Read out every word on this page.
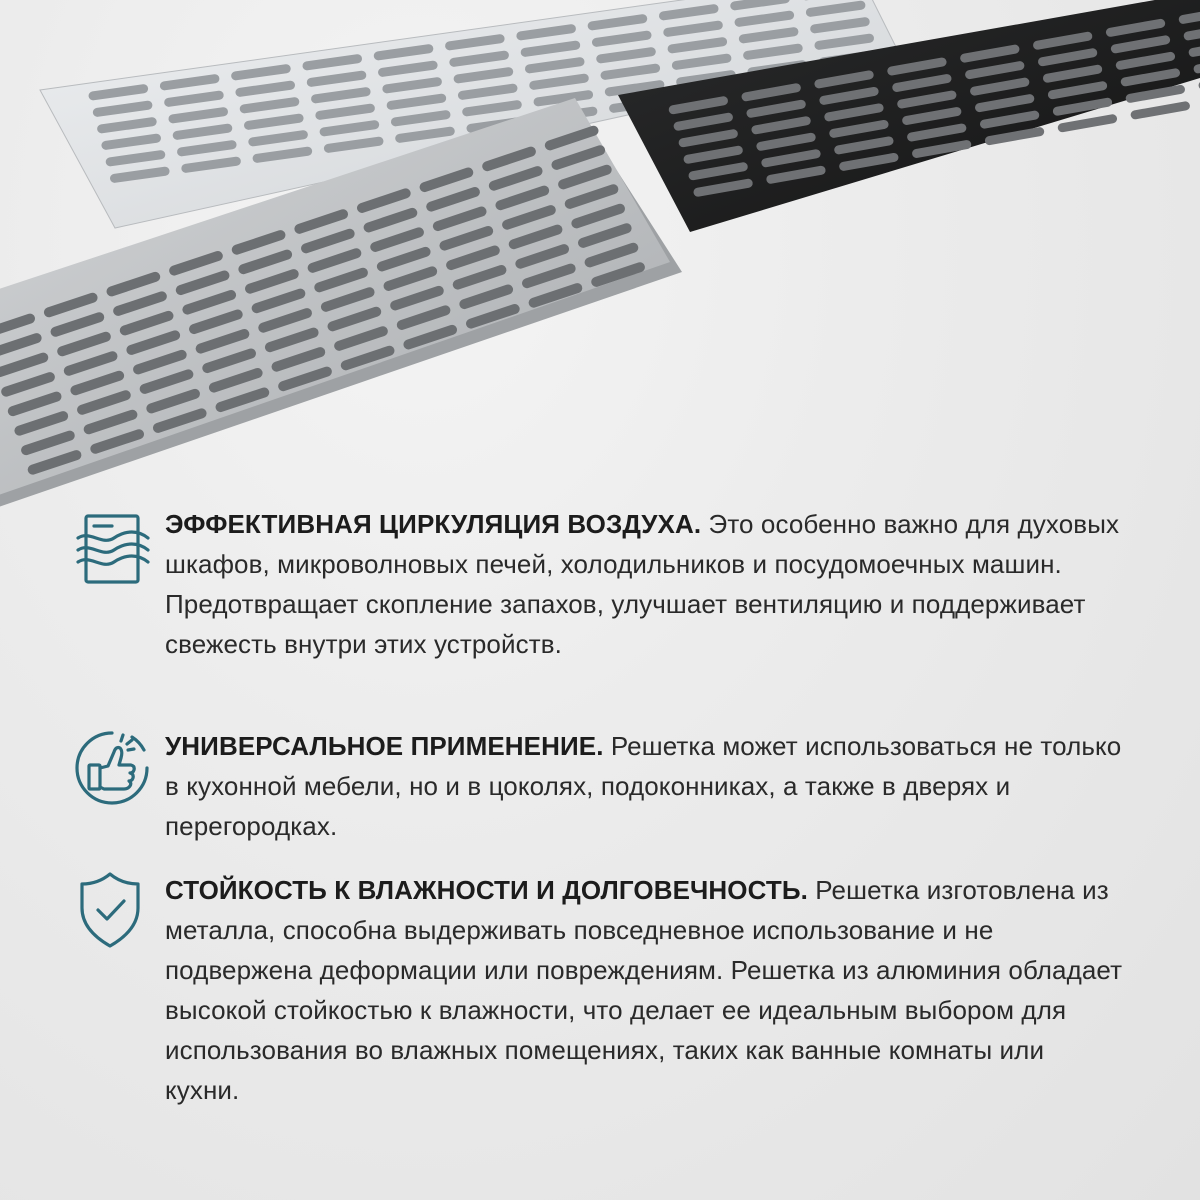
ЭФФЕКТИВНАЯ ЦИРКУЛЯЦИЯ ВОЗДУХА. Это особенно важно для духовых шкафов, микроволновых печей, холодильников и посудомоечных машин. Предотвращает скопление запахов, улучшает вентиляцию и поддерживает свежесть внутри этих устройств.
УНИВЕРСАЛЬНОЕ ПРИМЕНЕНИЕ. Решетка может использоваться не только в кухонной мебели, но и в цоколях, подоконниках, а также в дверях и перегородках.
СТОЙКОСТЬ К ВЛАЖНОСТИ И ДОЛГОВЕЧНОСТЬ. Решетка изготовлена из металла, способна выдерживать повседневное использование и не подвержена деформации или повреждениям. Решетка из алюминия обладает высокой стойкостью к влажности, что делает ее идеальным выбором для использования во влажных помещениях, таких как ванные комнаты или кухни.
